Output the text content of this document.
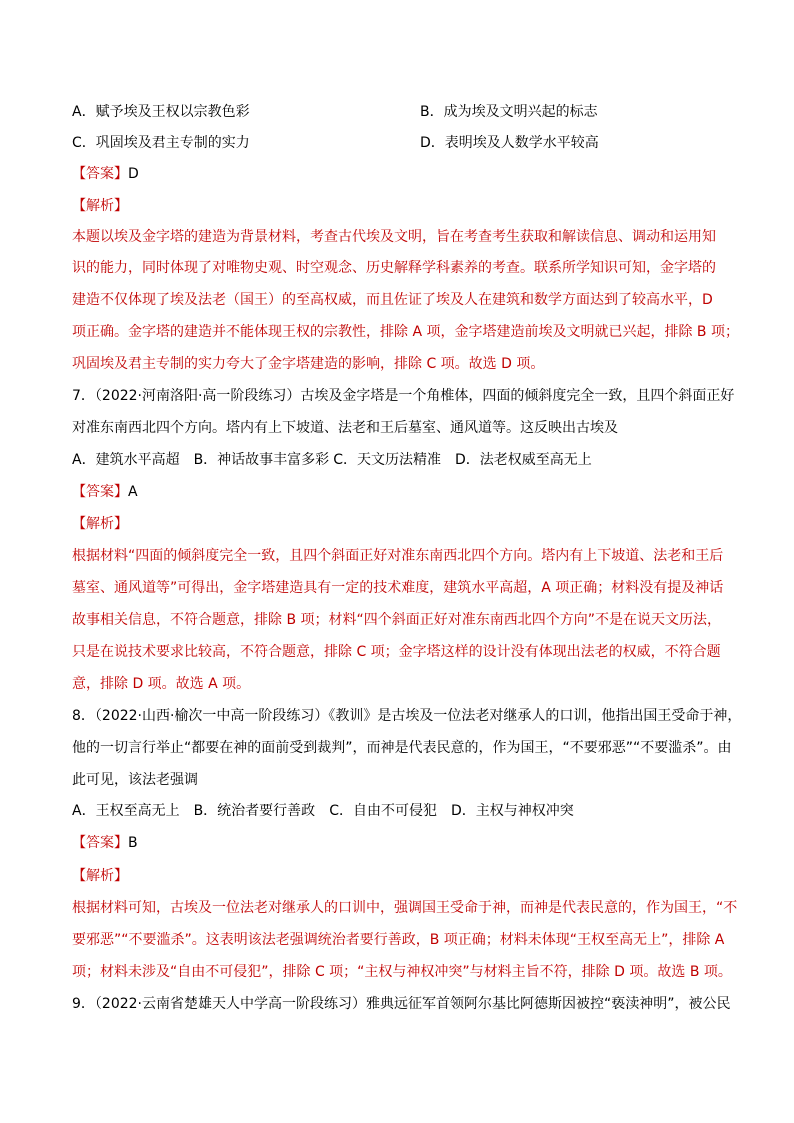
A．赋予埃及王权以宗教色彩	B．成为埃及文明兴起的标志
C．巩固埃及君主专制的实力	D．表明埃及人数学水平较高
【答案】D
【解析】
本题以埃及金字塔的建造为背景材料，考查古代埃及文明，旨在考查考生获取和解读信息、调动和运用知
识的能力，同时体现了对唯物史观、时空观念、历史解释学科素养的考查。联系所学知识可知，金字塔的
建造不仅体现了埃及法老（国王）的至高权威，而且佐证了埃及人在建筑和数学方面达到了较高水平，D
项正确。金字塔的建造并不能体现王权的宗教性，排除 A 项，金字塔建造前埃及文明就已兴起，排除 B 项；
巩固埃及君主专制的实力夸大了金字塔建造的影响，排除 C 项。故选 D 项。
7．（2022·河南洛阳·高一阶段练习）古埃及金字塔是一个角椎体，四面的倾斜度完全一致，且四个斜面正好
对准东南西北四个方向。塔内有上下坡道、法老和王后墓室、通风道等。这反映出古埃及
A．建筑水平高超 B．神话故事丰富多彩 C．天文历法精准 D．法老权威至高无上
【答案】A
【解析】
根据材料“四面的倾斜度完全一致，且四个斜面正好对准东南西北四个方向。塔内有上下坡道、法老和王后
墓室、通风道等”可得出，金字塔建造具有一定的技术难度，建筑水平高超，A 项正确；材料没有提及神话
故事相关信息，不符合题意，排除 B 项；材料“四个斜面正好对准东南西北四个方向”不是在说天文历法，
只是在说技术要求比较高，不符合题意，排除 C 项；金字塔这样的设计没有体现出法老的权威，不符合题
意，排除 D 项。故选 A 项。
8．（2022·山西·榆次一中高一阶段练习）《教训》是古埃及一位法老对继承人的口训，他指出国王受命于神，
他的一切言行举止“都要在神的面前受到裁判”，而神是代表民意的，作为国王，“不要邪恶”“不要滥杀”。由
此可见，该法老强调
A．王权至高无上 B．统治者要行善政 C．自由不可侵犯 D．主权与神权冲突
【答案】B
【解析】
根据材料可知，古埃及一位法老对继承人的口训中，强调国王受命于神，而神是代表民意的，作为国王，“不
要邪恶”“不要滥杀”。这表明该法老强调统治者要行善政，B 项正确；材料未体现“王权至高无上”，排除 A
项；材料未涉及“自由不可侵犯”，排除 C 项；“主权与神权冲突”与材料主旨不符，排除 D 项。故选 B 项。
9．（2022·云南省楚雄天人中学高一阶段练习）雅典远征军首领阿尔基比阿德斯因被控“亵渎神明”，被公民
